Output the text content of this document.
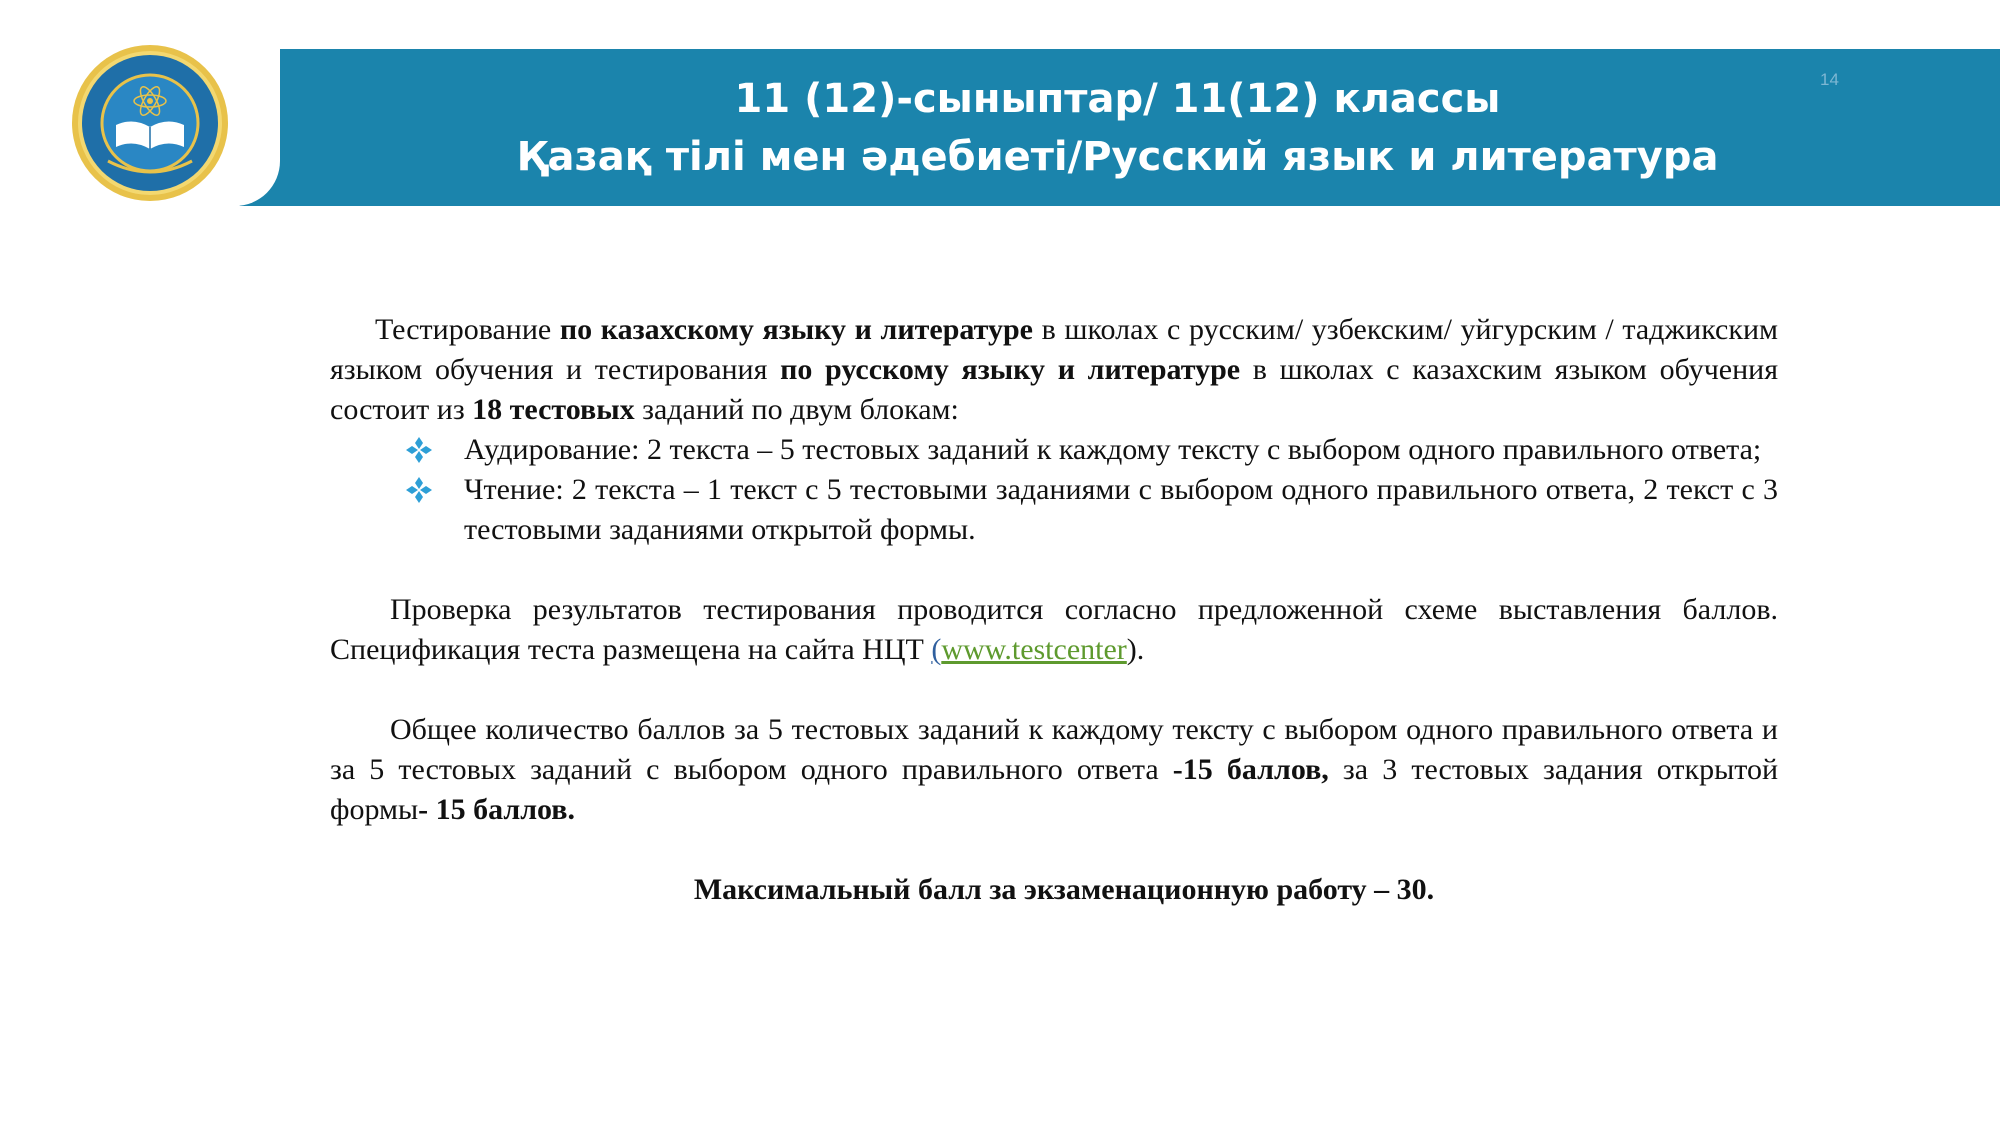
11 (12)-сыныптар/ 11(12) классы
Қазақ тілі мен әдебиеті/Русский язык и литература
14

Тестирование по казахскому языку и литературе в школах с русским/ узбекским/ уйгурским / таджикским языком обучения и тестирования по русскому языку и литературе в школах с казахским языком обучения состоит из 18 тестовых заданий по двум блокам:

Аудирование: 2 текста – 5 тестовых заданий к каждому тексту с выбором одного правильного ответа;
Чтение: 2 текста – 1 текст с 5 тестовыми заданиями с выбором одного правильного ответа, 2 текст с 3 тестовыми заданиями открытой формы.

Проверка результатов тестирования проводится согласно предложенной схеме выставления баллов. Спецификация теста размещена на сайта НЦТ (www.testcenter).

Общее количество баллов за 5 тестовых заданий к каждому тексту с выбором одного правильного ответа и за 5 тестовых заданий с выбором одного правильного ответа -15 баллов, за 3 тестовых задания открытой формы- 15 баллов.

Максимальный балл за экзаменационную работу – 30.
